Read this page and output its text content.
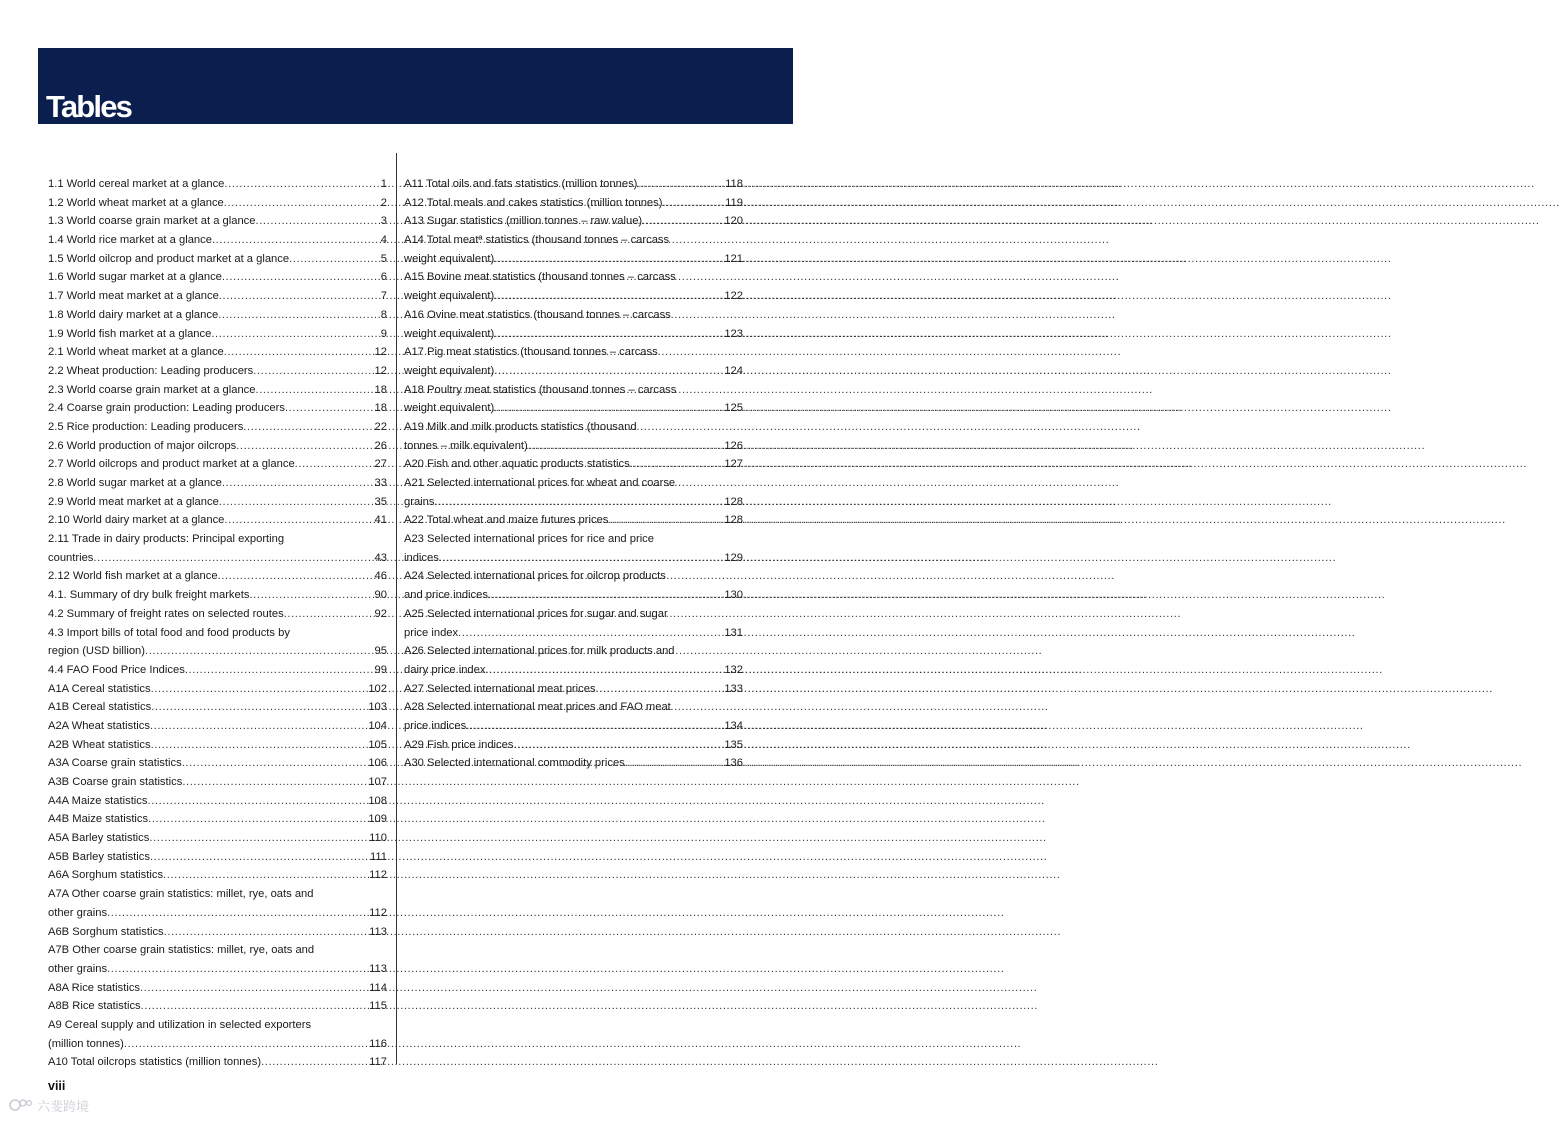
Tables
1.1 World cereal market at a glance .....	1
1.2 World wheat market at a glance .....	2
1.3 World coarse grain market at a glance .....	3
1.4 World rice market at a glance .....	4
1.5 World oilcrop and product market at a glance .....	5
1.6 World sugar market at a glance .....	6
1.7 World meat market at a glance .....	7
1.8 World dairy market at a glance .....	8
1.9 World fish market at a glance .....	9
2.1 World wheat market at a glance .....	12
2.2 Wheat production: Leading producers .....	12
2.3 World coarse grain market at a glance .....	18
2.4 Coarse grain production: Leading producers .....	18
2.5 Rice production: Leading producers .....	22
2.6 World production of major oilcrops .....	26
2.7 World oilcrops and product market at a glance .....	27
2.8 World sugar market at a glance .....	33
2.9 World meat market at a glance .....	35
2.10 World dairy market at a glance .....	41
2.11 Trade in dairy products: Principal exporting
countries .....	43
2.12 World fish market at a glance .....	46
4.1. Summary of dry bulk freight markets .....	90
4.2 Summary of freight rates on selected routes .....	92
4.3 Import bills of total food and food products by
region (USD billion) .....	95
4.4 FAO Food Price Indices .....	99
A1A Cereal statistics .....	102
A1B Cereal statistics .....	103
A2A Wheat statistics .....	104
A2B Wheat statistics .....	105
A3A Coarse grain statistics .....	106
A3B Coarse grain statistics .....	107
A4A Maize statistics .....	108
A4B Maize statistics .....	109
A5A Barley statistics .....	110
A5B Barley statistics .....	111
A6A Sorghum statistics .....	112
A7A Other coarse grain statistics: millet, rye, oats and
other grains .....	112
A6B Sorghum statistics .....	113
A7B Other coarse grain statistics: millet, rye, oats and
other grains .....	113
A8A Rice statistics .....	114
A8B Rice statistics .....	115
A9 Cereal supply and utilization in selected exporters
(million tonnes) .....	116
A10 Total oilcrops statistics (million tonnes) .....	117
A11 Total oils and fats statistics (million tonnes) .....	118
A12 Total meals and cakes statistics (million tonnes) .....	119
A13 Sugar statistics (million tonnes – raw value) .....	120
A14 Total meatª statistics (thousand tonnes – carcass
weight equivalent) .....	121
A15 Bovine meat statistics (thousand tonnes – carcass
weight equivalent) .....	122
A16 Ovine meat statistics (thousand tonnes – carcass
weight equivalent) .....	123
A17 Pig meat statistics (thousand tonnes – carcass
weight equivalent) .....	124
A18 Poultry meat statistics (thousand tonnes – carcass
weight equivalent) .....	125
A19 Milk and milk products statistics (thousand
tonnes – milk equivalent) .....	126
A20 Fish and other aquatic products statistics .....	127
A21 Selected international prices for wheat and coarse
grains .....	128
A22 Total wheat and maize futures prices .....	128
A23 Selected international prices for rice and price
indices .....	129
A24 Selected international prices for oilcrop products
and price indices .....	130
A25 Selected international prices for sugar and sugar
price index .....	131
A26 Selected international prices for milk products and
dairy price index .....	132
A27 Selected international meat prices .....	133
A28 Selected international meat prices and FAO meat
price indices .....	134
A29 Fish price indices .....	135
A30 Selected international commodity prices .....	136

viii

六斐跨境
